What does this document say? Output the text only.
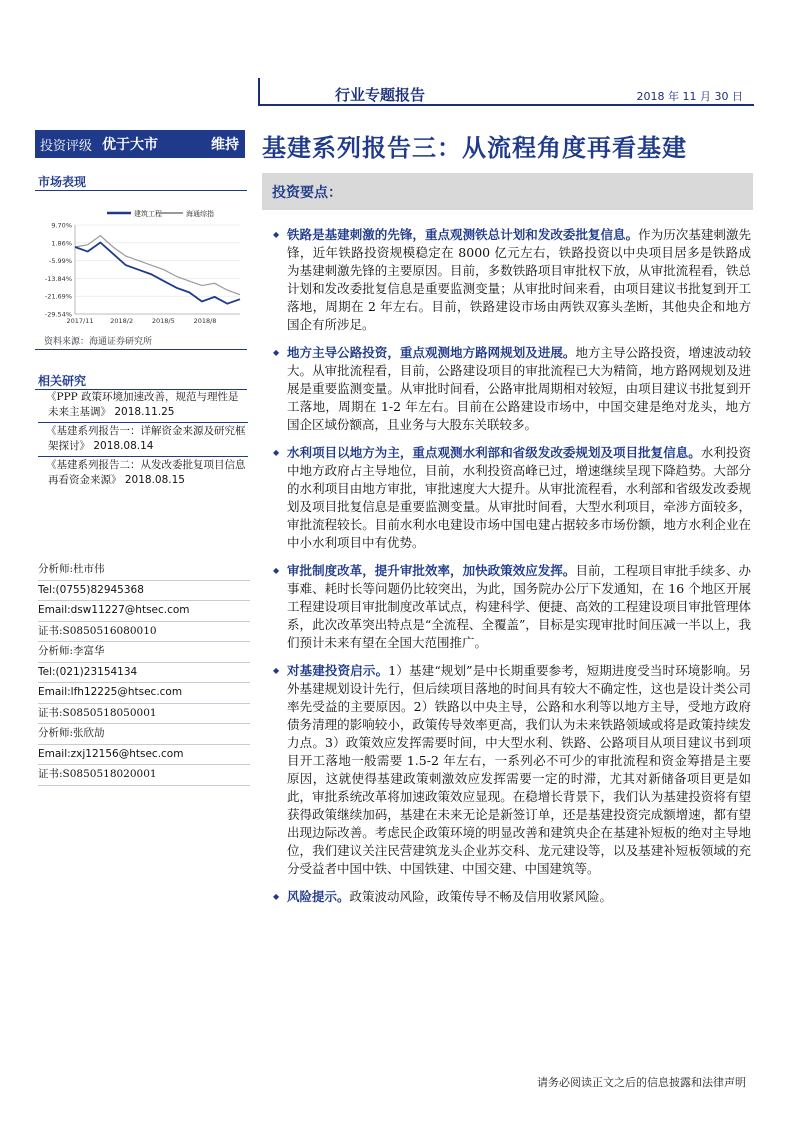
行业专题报告	2018 年 11 月 30 日
投资评级 优于大市	维持 基建系列报告三：从流程角度再看基建
市场表现
建筑工程	海通综指
9.70%
1.86%
-5.99%
-13.84%
-21.69%
-29.54%
2017/11	2018/2	2018/5	2018/8
资料来源：海通证券研究所
相关研究
《PPP 政策环境加速改善，规范与理性是未来主基调》 2018.11.25
《基建系列报告一：详解资金来源及研究框架探讨》 2018.08.14
《基建系列报告二：从发改委批复项目信息再看资金来源》 2018.08.15
分析师:杜市伟
Tel:(0755)82945368
Email:dsw11227@htsec.com
证书:S0850516080010
分析师:李富华
Tel:(021)23154134
Email:lfh12225@htsec.com
证书:S0850518050001
分析师:张欣劼
Email:zxj12156@htsec.com
证书:S0850518020001
投资要点：

◆ 铁路是基建刺激的先锋，重点观测铁总计划和发改委批复信息。作为历次基建刺激先锋，近年铁路投资规模稳定在 8000 亿元左右，铁路投资以中央项目居多是铁路成为基建刺激先锋的主要原因。目前，多数铁路项目审批权下放，从审批流程看，铁总计划和发改委批复信息是重要监测变量；从审批时间来看，由项目建议书批复到开工落地，周期在 2 年左右。目前，铁路建设市场由两铁双寡头垄断，其他央企和地方国企有所涉足。

◆ 地方主导公路投资，重点观测地方路网规划及进展。地方主导公路投资，增速波动较大。从审批流程看，目前，公路建设项目的审批流程已大为精简，地方路网规划及进展是重要监测变量。从审批时间看，公路审批周期相对较短，由项目建议书批复到开工落地，周期在 1-2 年左右。目前在公路建设市场中，中国交建是绝对龙头，地方国企区域份额高，且业务与大股东关联较多。

◆ 水利项目以地方为主，重点观测水利部和省级发改委规划及项目批复信息。水利投资中地方政府占主导地位，目前，水利投资高峰已过，增速继续呈现下降趋势。大部分的水利项目由地方审批，审批速度大大提升。从审批流程看，水利部和省级发改委规划及项目批复信息是重要监测变量。从审批时间看，大型水利项目，牵涉方面较多，审批流程较长。目前水利水电建设市场中国电建占据较多市场份额，地方水利企业在中小水利项目中有优势。

◆ 审批制度改革，提升审批效率，加快政策效应发挥。目前，工程项目审批手续多、办事难、耗时长等问题仍比较突出，为此，国务院办公厅下发通知，在 16 个地区开展工程建设项目审批制度改革试点，构建科学、便捷、高效的工程建设项目审批管理体系，此次改革突出特点是“全流程、全覆盖”，目标是实现审批时间压减一半以上，我们预计未来有望在全国大范围推广。

◆ 对基建投资启示。1）基建“规划”是中长期重要参考，短期进度受当时环境影响。另外基建规划设计先行，但后续项目落地的时间具有较大不确定性，这也是设计类公司率先受益的主要原因。2）铁路以中央主导，公路和水利等以地方主导，受地方政府债务清理的影响较小，政策传导效率更高，我们认为未来铁路领域或将是政策持续发力点。3）政策效应发挥需要时间，中大型水利、铁路、公路项目从项目建议书到项目开工落地一般需要 1.5-2 年左右，一系列必不可少的审批流程和资金筹措是主要原因，这就使得基建政策刺激效应发挥需要一定的时滞，尤其对新储备项目更是如此，审批系统改革将加速政策效应显现。在稳增长背景下，我们认为基建投资将有望获得政策继续加码，基建在未来无论是新签订单，还是基建投资完成额增速，都有望出现边际改善。考虑民企政策环境的明显改善和建筑央企在基建补短板的绝对主导地位，我们建议关注民营建筑龙头企业苏交科、龙元建设等，以及基建补短板领域的充分受益者中国中铁、中国铁建、中国交建、中国建筑等。

◆ 风险提示。政策波动风险，政策传导不畅及信用收紧风险。

请务必阅读正文之后的信息披露和法律声明
